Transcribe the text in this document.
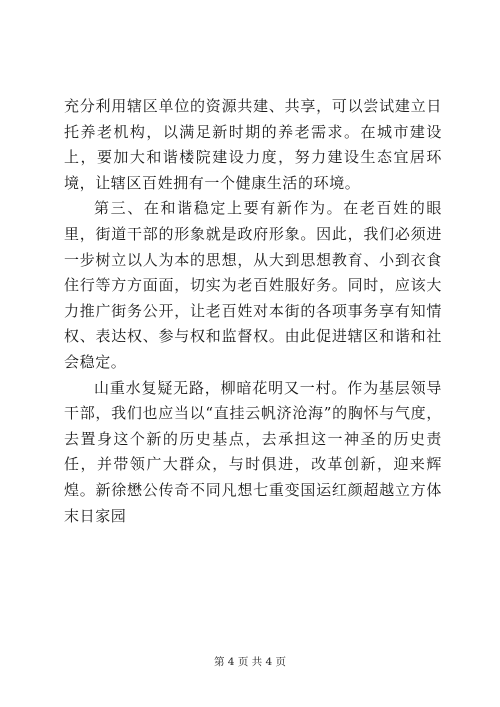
充分利用辖区单位的资源共建、共享，可以尝试建立日托养老机构，以满足新时期的养老需求。在城市建设上，要加大和谐楼院建设力度，努力建设生态宜居环境，让辖区百姓拥有一个健康生活的环境。

第三、在和谐稳定上要有新作为。在老百姓的眼里，街道干部的形象就是政府形象。因此，我们必须进一步树立以人为本的思想，从大到思想教育、小到衣食住行等方方面面，切实为老百姓服好务。同时，应该大力推广街务公开，让老百姓对本街的各项事务享有知情权、表达权、参与权和监督权。由此促进辖区和谐和社会稳定。

山重水复疑无路，柳暗花明又一村。作为基层领导干部，我们也应当以“直挂云帆济沧海”的胸怀与气度，去置身这个新的历史基点，去承担这一神圣的历史责任，并带领广大群众，与时俱进，改革创新，迎来辉煌。新徐懋公传奇不同凡想七重变国运红颜超越立方体末日家园

第 4 页 共 4 页
